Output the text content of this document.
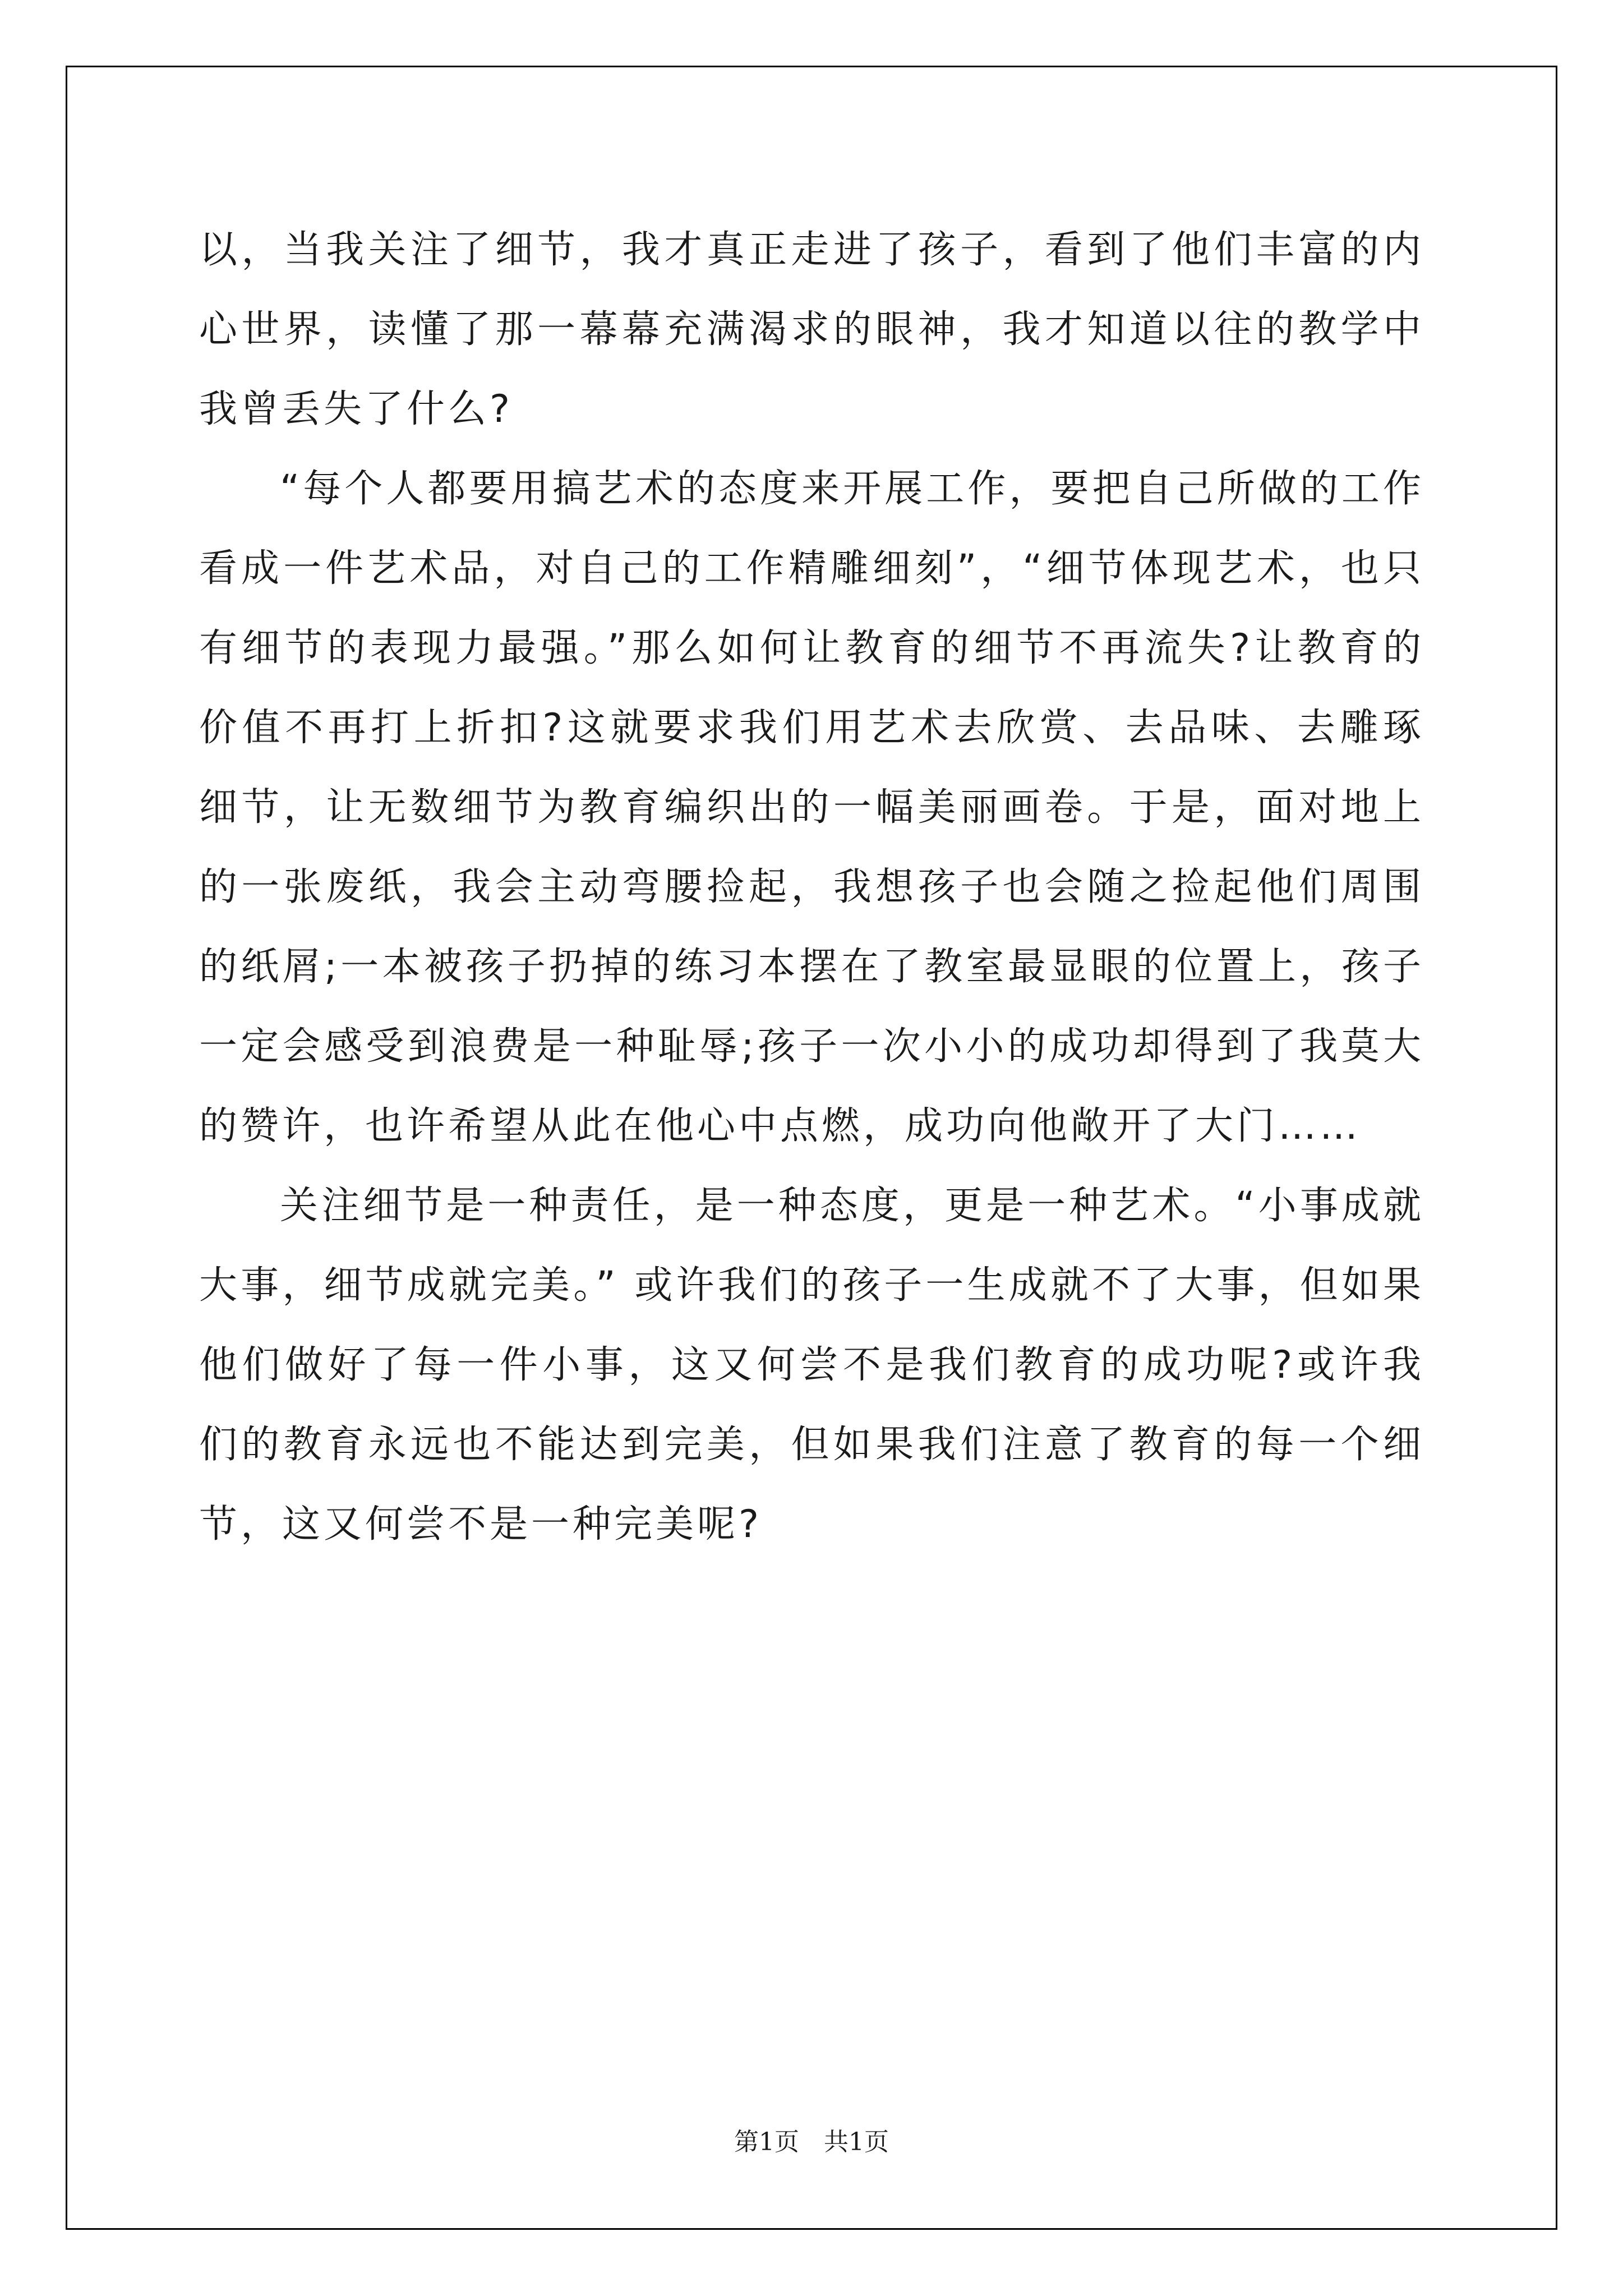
以，当我关注了细节，我才真正走进了孩子，看到了他们丰富的内心世界，读懂了那一幕幕充满渴求的眼神，我才知道以往的教学中我曾丢失了什么?

“每个人都要用搞艺术的态度来开展工作，要把自己所做的工作看成一件艺术品，对自己的工作精雕细刻”，“细节体现艺术，也只有细节的表现力最强。”那么如何让教育的细节不再流失?让教育的价值不再打上折扣?这就要求我们用艺术去欣赏、去品味、去雕琢细节，让无数细节为教育编织出的一幅美丽画卷。于是，面对地上的一张废纸，我会主动弯腰捡起，我想孩子也会随之捡起他们周围的纸屑;一本被孩子扔掉的练习本摆在了教室最显眼的位置上，孩子一定会感受到浪费是一种耻辱;孩子一次小小的成功却得到了我莫大的赞许，也许希望从此在他心中点燃，成功向他敞开了大门……

关注细节是一种责任，是一种态度，更是一种艺术。“小事成就大事，细节成就完美。” 或许我们的孩子一生成就不了大事，但如果他们做好了每一件小事，这又何尝不是我们教育的成功呢?或许我们的教育永远也不能达到完美，但如果我们注意了教育的每一个细节，这又何尝不是一种完美呢?

第1页　共1页
